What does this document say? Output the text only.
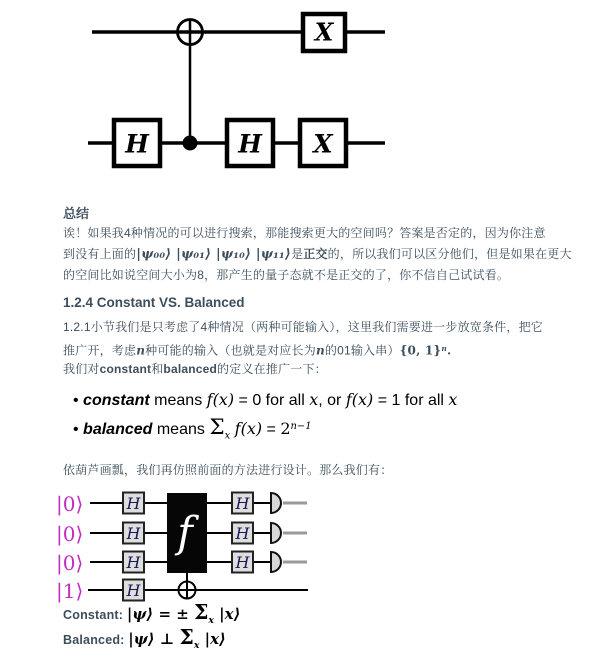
X
H	H X
总结
诶！如果我4种情况的可以进行搜索，那能搜索更大的空间吗？答案是否定的，因为你注意
到没有上面的|ψ₀₀⟩ |ψ₀₁⟩ |ψ₁₀⟩ |ψ₁₁⟩是正交的，所以我们可以区分他们，但是如果在更大
的空间比如说空间大小为8，那产生的量子态就不是正交的了，你不信自己试试看。
1.2.4 Constant VS. Balanced
1.2.1小节我们是只考虑了4种情况（两种可能输入），这里我们需要进一步放宽条件，把它
推广开，考虑n种可能的输入（也就是对应长为n的01输入串）{0, 1}$^n$.
我们对constant和balanced的定义在推广一下：
• constant means f(x) = 0 for all x, or f(x) = 1 for all x
• balanced means $\Sigma_x$ $f(x) = 2^{n-1}$
依葫芦画瓢，我们再仿照前面的方法进行设计。那么我们有：
|0⟩
|0⟩
|0⟩
|1⟩
H
H
H
H
f
H
H
H
Constant: |ψ⟩ = ± $\Sigma_x$ |x⟩
Balanced: |ψ⟩ ⊥ $\Sigma_x$ |x⟩
